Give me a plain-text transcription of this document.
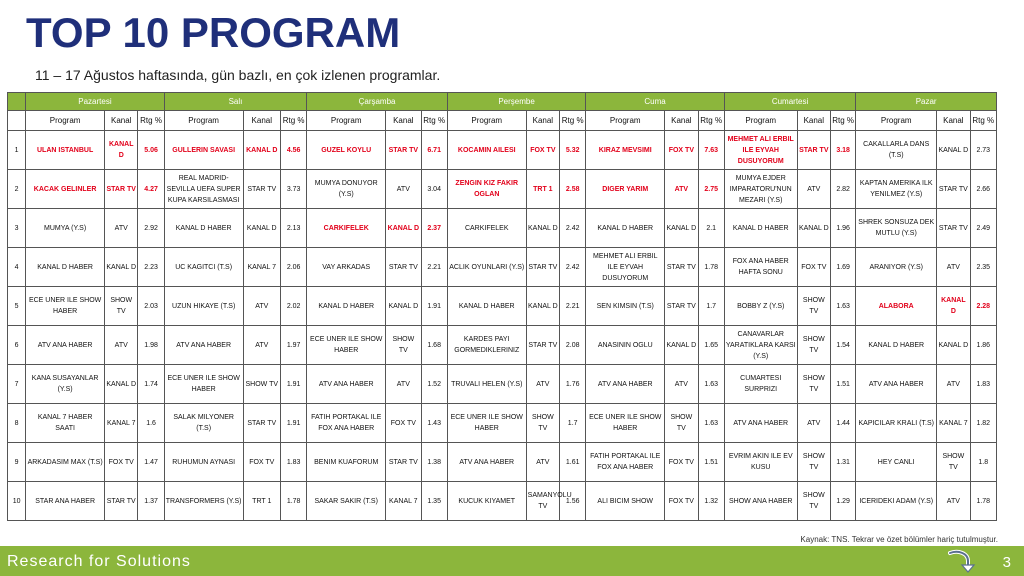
TOP 10 PROGRAM
11 – 17 Ağustos haftasında, gün bazlı, en çok izlenen programlar.
	Pazartesi			Salı			Çarşamba			Perşembe			Cuma			Cumartesi			Pazar		
	Program	Kanal	Rtg %	Program	Kanal	Rtg %	Program	Kanal	Rtg %	Program	Kanal	Rtg %	Program	Kanal	Rtg %	Program	Kanal	Rtg %	Program	Kanal	Rtg %
1	ULAN ISTANBUL	KANAL D	5.06	GULLERIN SAVASI	KANAL D	4.56	GUZEL KOYLU	STAR TV	6.71	KOCAMIN AILESI	FOX TV	5.32	KIRAZ MEVSIMI	FOX TV	7.63	MEHMET ALI ERBIL ILE EYVAH DUSUYORUM	STAR TV	3.18	CAKALLARLA DANS (T.S)	KANAL D	2.73
2	KACAK GELINLER	STAR TV	4.27	REAL MADRID-SEVILLA UEFA SUPER KUPA KARSILASMASI	STAR TV	3.73	MUMYA DONUYOR (Y.S)	ATV	3.04	ZENGIN KIZ FAKIR OGLAN	TRT 1	2.58	DIGER YARIM	ATV	2.75	MUMYA EJDER IMPARATORU'NUN MEZARI (Y.S)	ATV	2.82	KAPTAN AMERIKA ILK YENILMEZ (Y.S)	STAR TV	2.66
3	MUMYA (Y.S)	ATV	2.92	KANAL D HABER	KANAL D	2.13	CARKIFELEK	KANAL D	2.37	CARKIFELEK	KANAL D	2.42	KANAL D HABER	KANAL D	2.1	KANAL D HABER	KANAL D	1.96	SHREK SONSUZA DEK MUTLU (Y.S)	STAR TV	2.49
4	KANAL D HABER	KANAL D	2.23	UC KAGITCI (T.S)	KANAL 7	2.06	VAY ARKADAS	STAR TV	2.21	ACLIK OYUNLARI (Y.S)	STAR TV	2.42	MEHMET ALI ERBIL ILE EYVAH DUSUYORUM	STAR TV	1.78	FOX ANA HABER HAFTA SONU	FOX TV	1.69	ARANIYOR (Y.S)	ATV	2.35
5	ECE UNER ILE SHOW HABER	SHOW TV	2.03	UZUN HIKAYE (T.S)	ATV	2.02	KANAL D HABER	KANAL D	1.91	KANAL D HABER	KANAL D	2.21	SEN KIMSIN (T.S)	STAR TV	1.7	BOBBY Z (Y.S)	SHOW TV	1.63	ALABORA	KANAL D	2.28
6	ATV ANA HABER	ATV	1.98	ATV ANA HABER	ATV	1.97	ECE UNER ILE SHOW HABER	SHOW TV	1.68	KARDES PAYI GORMEDIKLERINIZ	STAR TV	2.08	ANASININ OGLU	KANAL D	1.65	CANAVARLAR YARATIKLARA KARSI (Y.S)	SHOW TV	1.54	KANAL D HABER	KANAL D	1.86
7	KANA SUSAYANLAR (Y.S)	KANAL D	1.74	ECE UNER ILE SHOW HABER	SHOW TV	1.91	ATV ANA HABER	ATV	1.52	TRUVALI HELEN (Y.S)	ATV	1.76	ATV ANA HABER	ATV	1.63	CUMARTESI SURPRIZI	SHOW TV	1.51	ATV ANA HABER	ATV	1.83
8	KANAL 7 HABER SAATI	KANAL 7	1.6	SALAK MILYONER (T.S)	STAR TV	1.91	FATIH PORTAKAL ILE FOX ANA HABER	FOX TV	1.43	ECE UNER ILE SHOW HABER	SHOW TV	1.7	ECE UNER ILE SHOW HABER	SHOW TV	1.63	ATV ANA HABER	ATV	1.44	KAPICILAR KRALI (T.S)	KANAL 7	1.82
9	ARKADASIM MAX (T.S)	FOX TV	1.47	RUHUMUN AYNASI	FOX TV	1.83	BENIM KUAFORUM	STAR TV	1.38	ATV ANA HABER	ATV	1.61	FATIH PORTAKAL ILE FOX ANA HABER	FOX TV	1.51	EVRIM AKIN ILE EV KUSU	SHOW TV	1.31	HEY CANLI	SHOW TV	1.8
10	STAR ANA HABER	STAR TV	1.37	TRANSFORMERS (Y.S)	TRT 1	1.78	SAKAR SAKIR (T.S)	KANAL 7	1.35	KUCUK KIYAMET	SAMANYOLU TV	1.56	ALI BICIM SHOW	FOX TV	1.32	SHOW ANA HABER	SHOW TV	1.29	ICERIDEKI ADAM (Y.S)	ATV	1.78
Kaynak: TNS. Tekrar ve özet bölümler hariç tutulmuştur.
Research for Solutions	3
